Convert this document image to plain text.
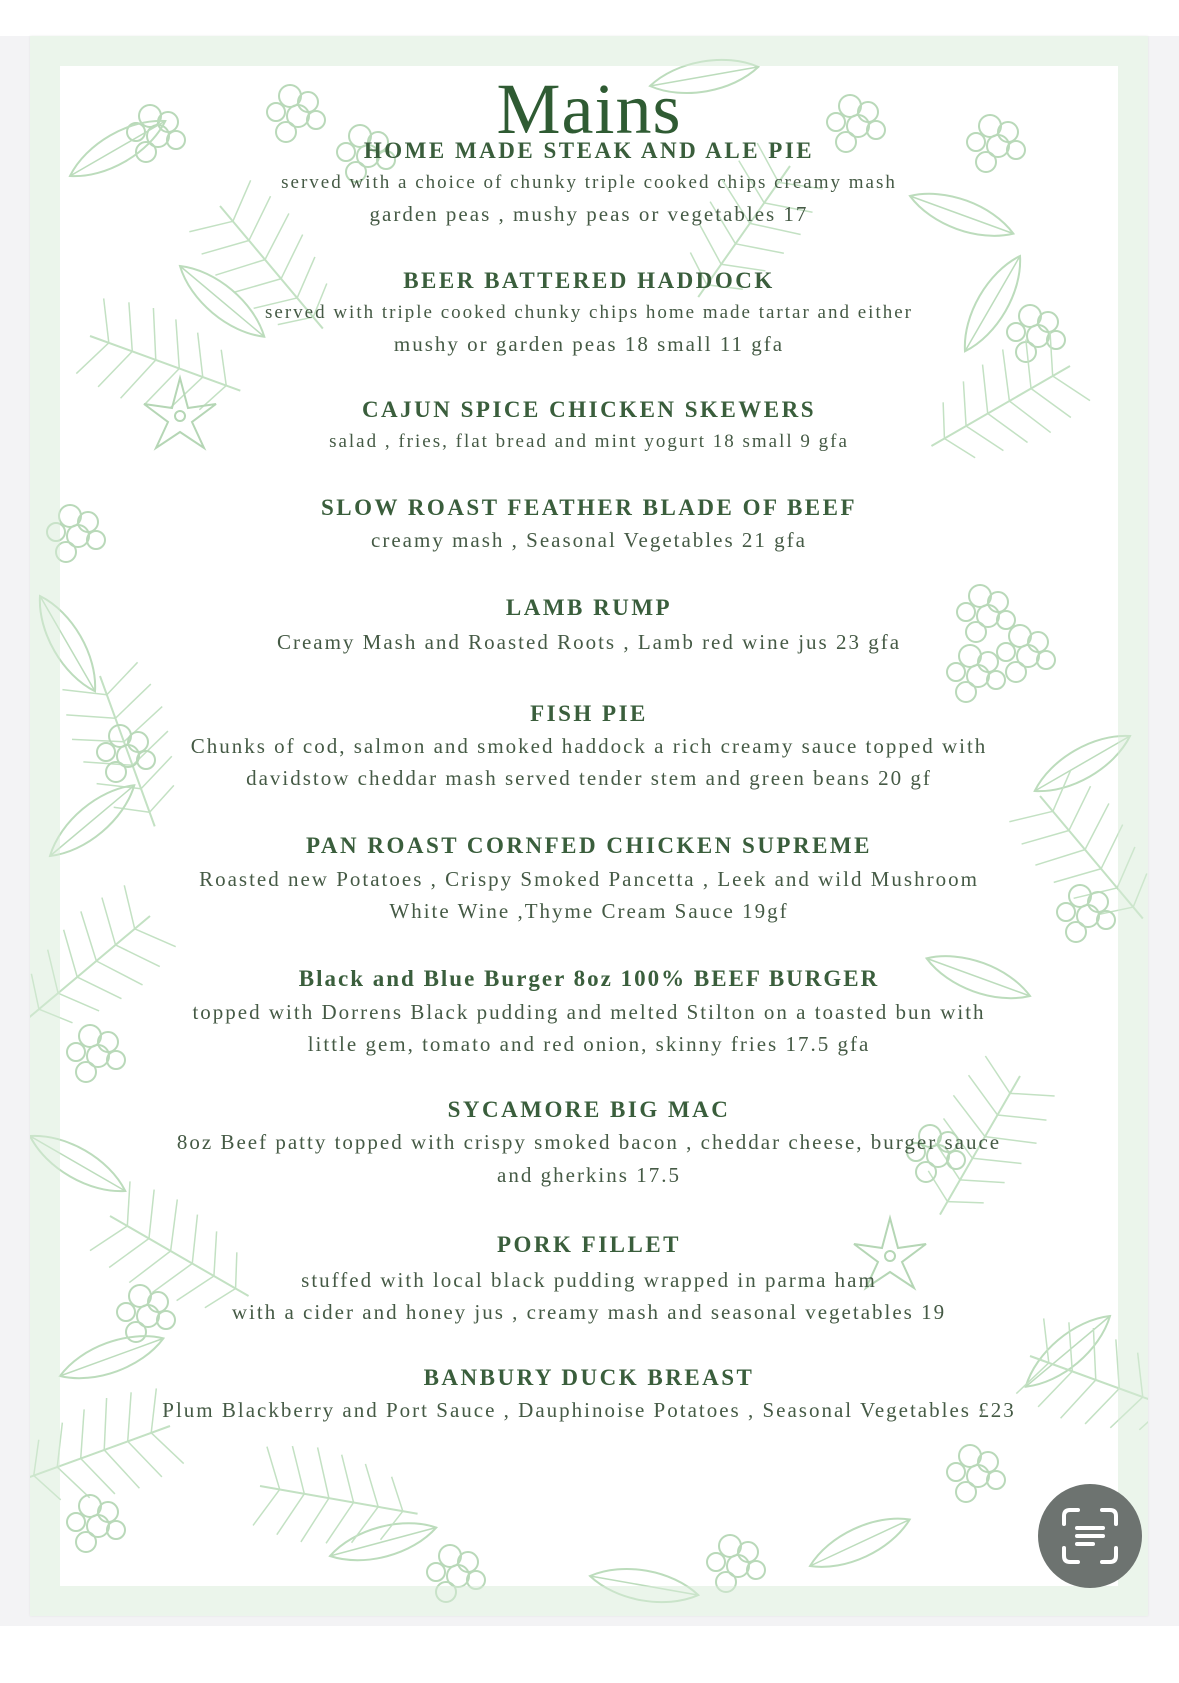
Mains
HOME MADE STEAK AND ALE PIE
served with a choice of chunky triple cooked chips creamy mash
garden peas , mushy peas or vegetables 17
BEER BATTERED HADDOCK
served with triple cooked chunky chips home made tartar and either
mushy or garden peas 18 small 11 gfa
CAJUN SPICE CHICKEN SKEWERS
salad , fries, flat bread and mint yogurt 18 small 9 gfa
SLOW ROAST FEATHER BLADE OF BEEF
creamy mash , Seasonal Vegetables 21 gfa
LAMB RUMP
Creamy Mash and Roasted Roots , Lamb red wine jus 23 gfa
FISH PIE
Chunks of cod, salmon and smoked haddock a rich creamy sauce topped with
davidstow cheddar mash served tender stem and green beans 20 gf
PAN ROAST CORNFED CHICKEN SUPREME
Roasted new Potatoes , Crispy Smoked Pancetta , Leek and wild Mushroom
White Wine ,Thyme Cream Sauce 19gf
Black and Blue Burger 8oz 100% BEEF BURGER
topped with Dorrens Black pudding and melted Stilton on a toasted bun with
little gem, tomato and red onion, skinny fries 17.5 gfa
SYCAMORE BIG MAC
8oz Beef patty topped with crispy smoked bacon , cheddar cheese, burger sauce
and gherkins 17.5
PORK FILLET
stuffed with local black pudding wrapped in parma ham
with a cider and honey jus , creamy mash and seasonal vegetables 19
BANBURY DUCK BREAST
Plum Blackberry and Port Sauce , Dauphinoise Potatoes , Seasonal Vegetables £23
